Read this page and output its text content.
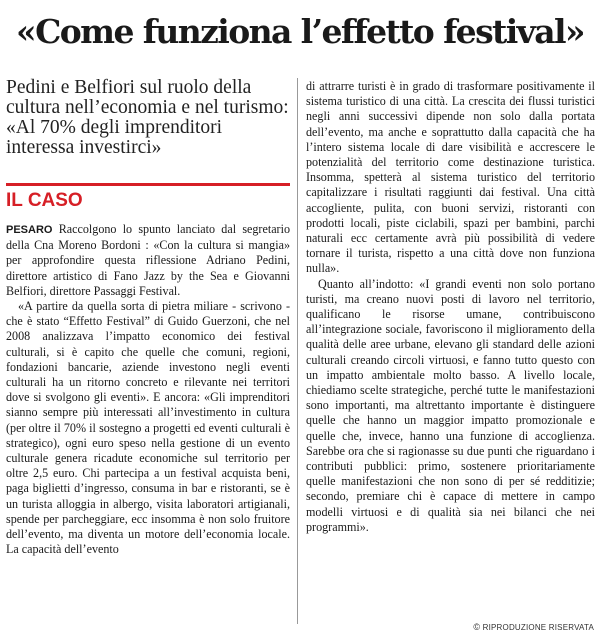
«Come funziona l’effetto festival»

Pedini e Belfiori sul ruolo della cultura nell’economia e nel turismo: «Al 70% degli imprenditori interessa investirci»

IL CASO

PESARO Raccolgono lo spunto lanciato dal segretario della Cna Moreno Bordoni : «Con la cultura si mangia» per approfondire questa riflessione Adriano Pedini, direttore artistico di Fano Jazz by the Sea e Giovanni Belfiori, direttore Passaggi Festival.

«A partire da quella sorta di pietra miliare - scrivono - che è stato “Effetto Festival” di Guido Guerzoni, che nel 2008 analizzava l’impatto economico dei festival culturali, si è capito che quelle che comuni, regioni, fondazioni bancarie, aziende investono negli eventi culturali ha un ritorno concreto e rilevante nei territori dove si svolgono gli eventi». E ancora: «Gli imprenditori sianno sempre più interessati all’investimento in cultura (per oltre il 70% il sostegno a progetti ed eventi culturali è strategico), ogni euro speso nella gestione di un evento culturale genera ricadute economiche sul territorio per oltre 2,5 euro. Chi partecipa a un festival acquista beni, paga biglietti d’ingresso, consuma in bar e ristoranti, se è un turista alloggia in albergo, visita laboratori artigianali, spende per parcheggiare, ecc insomma è non solo fruitore dell’evento, ma diventa un motore dell’economia locale. La capacità dell’evento

di attrarre turisti è in grado di trasformare positivamente il sistema turistico di una città. La crescita dei flussi turistici negli anni successivi dipende non solo dalla portata dell’evento, ma anche e soprattutto dalla capacità che ha l’intero sistema locale di dare visibilità e accrescere le potenzialità del territorio come destinazione turistica. Insomma, spetterà al sistema turistico del territorio capitalizzare i risultati raggiunti dai festival. Una città accogliente, pulita, con buoni servizi, ristoranti con prodotti locali, piste ciclabili, spazi per bambini, parchi naturali ecc certamente avrà più possibilità di vedere tornare il turista, rispetto a una città dove non funziona nulla».

Quanto all’indotto: «I grandi eventi non solo portano turisti, ma creano nuovi posti di lavoro nel territorio, qualificano le risorse umane, contribuiscono all’integrazione sociale, favoriscono il miglioramento della qualità delle aree urbane, elevano gli standard delle azioni culturali creando circoli virtuosi, e fanno tutto questo con un impatto ambientale molto basso. A livello locale, chiediamo scelte strategiche, perché tutte le manifestazioni sono importanti, ma altrettanto importante è distinguere quelle che hanno un maggior impatto promozionale e quelle che, invece, hanno una funzione di accoglienza. Sarebbe ora che si ragionasse su due punti che riguardano i contributi pubblici: primo, sostenere prioritariamente quelle manifestazioni che non sono di per sé redditizie; secondo, premiare chi è capace di mettere in campo modelli virtuosi e di qualità sia nei bilanci che nei programmi».

© RIPRODUZIONE RISERVATA
